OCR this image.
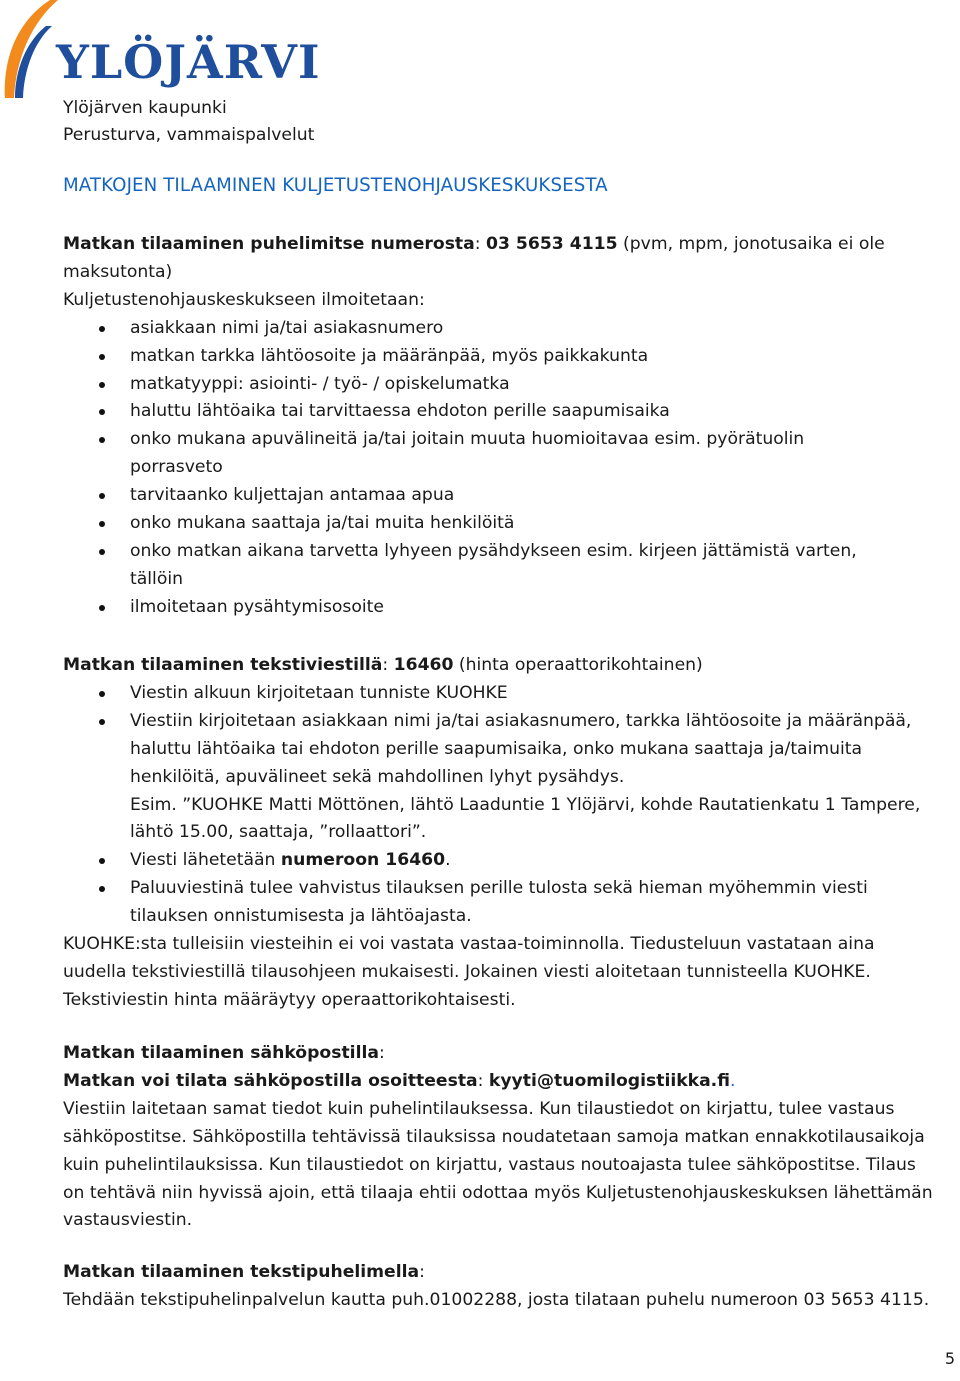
YLÖJÄRVI
Ylöjärven kaupunki
Perusturva, vammaispalvelut
MATKOJEN TILAAMINEN KULJETUSTENOHJAUSKESKUKSESTA

Matkan tilaaminen puhelimitse numerosta: 03 5653 4115 (pvm, mpm, jonotusaika ei ole maksutonta)

Kuljetustenohjauskeskukseen ilmoitetaan:

asiakkaan nimi ja/tai asiakasnumero
matkan tarkka lähtöosoite ja määränpää, myös paikkakunta
matkatyyppi: asiointi- / työ- / opiskelumatka
haluttu lähtöaika tai tarvittaessa ehdoton perille saapumisaika
onko mukana apuvälineitä ja/tai joitain muuta huomioitavaa esim. pyörätuolin porrasveto
tarvitaanko kuljettajan antamaa apua
onko mukana saattaja ja/tai muita henkilöitä
onko matkan aikana tarvetta lyhyeen pysähdykseen esim. kirjeen jättämistä varten, tällöin
ilmoitetaan pysähtymisosoite

Matkan tilaaminen tekstiviestillä: 16460 (hinta operaattorikohtainen)

Viestin alkuun kirjoitetaan tunniste KUOHKE
Viestiin kirjoitetaan asiakkaan nimi ja/tai asiakasnumero, tarkka lähtöosoite ja määränpää, haluttu lähtöaika tai ehdoton perille saapumisaika, onko mukana saattaja ja/taimuita henkilöitä, apuvälineet sekä mahdollinen lyhyt pysähdys.
Esim. ”KUOHKE Matti Möttönen, lähtö Laaduntie 1 Ylöjärvi, kohde Rautatienkatu 1 Tampere, lähtö 15.00, saattaja, ”rollaattori”.
Viesti lähetetään numeroon 16460.
Paluuviestinä tulee vahvistus tilauksen perille tulosta sekä hieman myöhemmin viesti tilauksen onnistumisesta ja lähtöajasta.

KUOHKE:sta tulleisiin viesteihin ei voi vastata vastaa-toiminnolla. Tiedusteluun vastataan aina uudella tekstiviestillä tilausohjeen mukaisesti. Jokainen viesti aloitetaan tunnisteella KUOHKE. Tekstiviestin hinta määräytyy operaattorikohtaisesti.

Matkan tilaaminen sähköpostilla:

Matkan voi tilata sähköpostilla osoitteesta: kyyti@tuomilogistiikka.fi.

Viestiin laitetaan samat tiedot kuin puhelintilauksessa. Kun tilaustiedot on kirjattu, tulee vastaus sähköpostitse. Sähköpostilla tehtävissä tilauksissa noudatetaan samoja matkan ennakkotilausaikoja kuin puhelintilauksissa. Kun tilaustiedot on kirjattu, vastaus noutoajasta tulee sähköpostitse. Tilaus on tehtävä niin hyvissä ajoin, että tilaaja ehtii odottaa myös Kuljetustenohjauskeskuksen lähettämän vastausviestin.

Matkan tilaaminen tekstipuhelimella:

Tehdään tekstipuhelinpalvelun kautta puh.01002288, josta tilataan puhelu numeroon 03 5653 4115.

5
